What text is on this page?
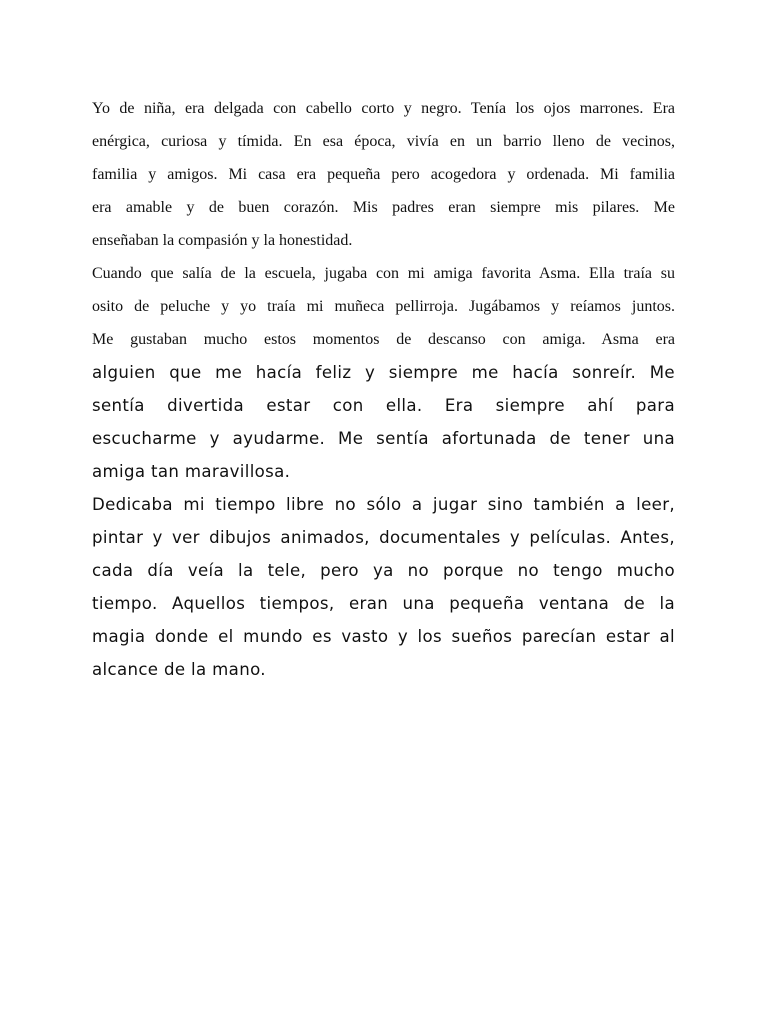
Yo de niña, era delgada con cabello corto y negro. Tenía los ojos marrones. Era
enérgica, curiosa y tímida. En esa época, vivía en un barrio lleno de vecinos,
familia y amigos. Mi casa era pequeña pero acogedora y ordenada. Mi familia
era amable y de buen corazón. Mis padres eran siempre mis pilares. Me
enseñaban la compasión y la honestidad.
Cuando que salía de la escuela, jugaba con mi amiga favorita Asma. Ella traía su
osito de peluche y yo traía mi muñeca pellirroja. Jugábamos y reíamos juntos.
Me gustaban mucho estos momentos de descanso con amiga. Asma era
alguien que me hacía feliz y siempre me hacía sonreír. Me
sentía divertida estar con ella. Era siempre ahí para
escucharme y ayudarme. Me sentía afortunada de tener una
amiga tan maravillosa.
Dedicaba mi tiempo libre no sólo a jugar sino también a leer,
pintar y ver dibujos animados, documentales y películas. Antes,
cada día veía la tele, pero ya no porque no tengo mucho
tiempo. Aquellos tiempos, eran una pequeña ventana de la
magia donde el mundo es vasto y los sueños parecían estar al
alcance de la mano.
